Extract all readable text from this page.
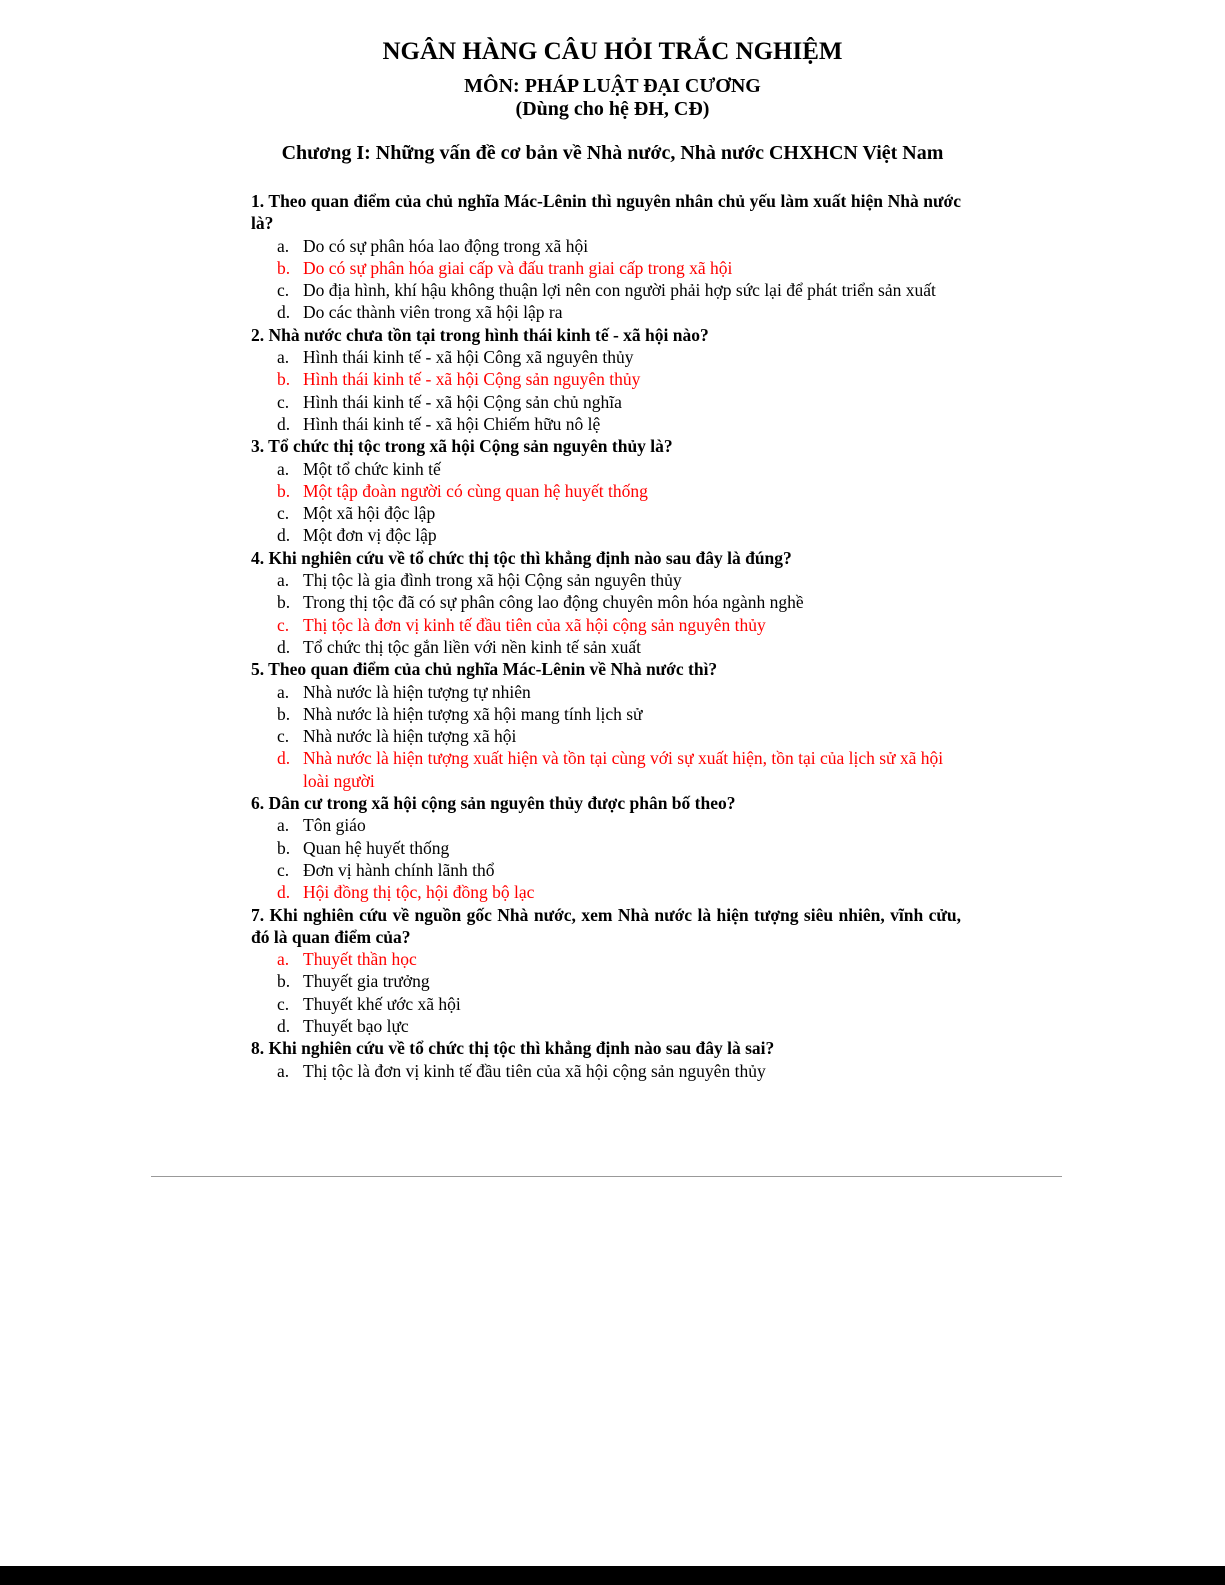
NGÂN HÀNG CÂU HỎI TRẮC NGHIỆM
MÔN: PHÁP LUẬT ĐẠI CƯƠNG
(Dùng cho hệ ĐH, CĐ)
Chương I: Những vấn đề cơ bản về Nhà nước, Nhà nước CHXHCN Việt Nam
1. Theo quan điểm của chủ nghĩa Mác-Lênin thì nguyên nhân chủ yếu làm xuất hiện Nhà nước là?
a. Do có sự phân hóa lao động trong xã hội
b. Do có sự phân hóa giai cấp và đấu tranh giai cấp trong xã hội
c. Do địa hình, khí hậu không thuận lợi nên con người phải hợp sức lại để phát triển sản xuất
d. Do các thành viên trong xã hội lập ra
2. Nhà nước chưa tồn tại trong hình thái kinh tế - xã hội nào?
a. Hình thái kinh tế - xã hội Công xã nguyên thủy
b. Hình thái kinh tế - xã hội Cộng sản nguyên thủy
c. Hình thái kinh tế - xã hội Cộng sản chủ nghĩa
d. Hình thái kinh tế - xã hội Chiếm hữu nô lệ
3. Tổ chức thị tộc trong xã hội Cộng sản nguyên thủy là?
a. Một tổ chức kinh tế
b. Một tập đoàn người có cùng quan hệ huyết thống
c. Một xã hội độc lập
d. Một đơn vị độc lập
4. Khi nghiên cứu về tổ chức thị tộc thì khẳng định nào sau đây là đúng?
a. Thị tộc là gia đình trong xã hội Cộng sản nguyên thủy
b. Trong thị tộc đã có sự phân công lao động chuyên môn hóa ngành nghề
c. Thị tộc là đơn vị kinh tế đầu tiên của xã hội cộng sản nguyên thủy
d. Tổ chức thị tộc gắn liền với nền kinh tế sản xuất
5. Theo quan điểm của chủ nghĩa Mác-Lênin về Nhà nước thì?
a. Nhà nước là hiện tượng tự nhiên
b. Nhà nước là hiện tượng xã hội mang tính lịch sử
c. Nhà nước là hiện tượng xã hội
d. Nhà nước là hiện tượng xuất hiện và tồn tại cùng với sự xuất hiện, tồn tại của lịch sử xã hội loài người
6. Dân cư trong xã hội cộng sản nguyên thủy được phân bố theo?
a. Tôn giáo
b. Quan hệ huyết thống
c. Đơn vị hành chính lãnh thổ
d. Hội đồng thị tộc, hội đồng bộ lạc
7. Khi nghiên cứu về nguồn gốc Nhà nước, xem Nhà nước là hiện tượng siêu nhiên, vĩnh cửu, đó là quan điểm của?
a. Thuyết thần học
b. Thuyết gia trưởng
c. Thuyết khế ước xã hội
d. Thuyết bạo lực
8. Khi nghiên cứu về tổ chức thị tộc thì khẳng định nào sau đây là sai?
a. Thị tộc là đơn vị kinh tế đầu tiên của xã hội cộng sản nguyên thủy
